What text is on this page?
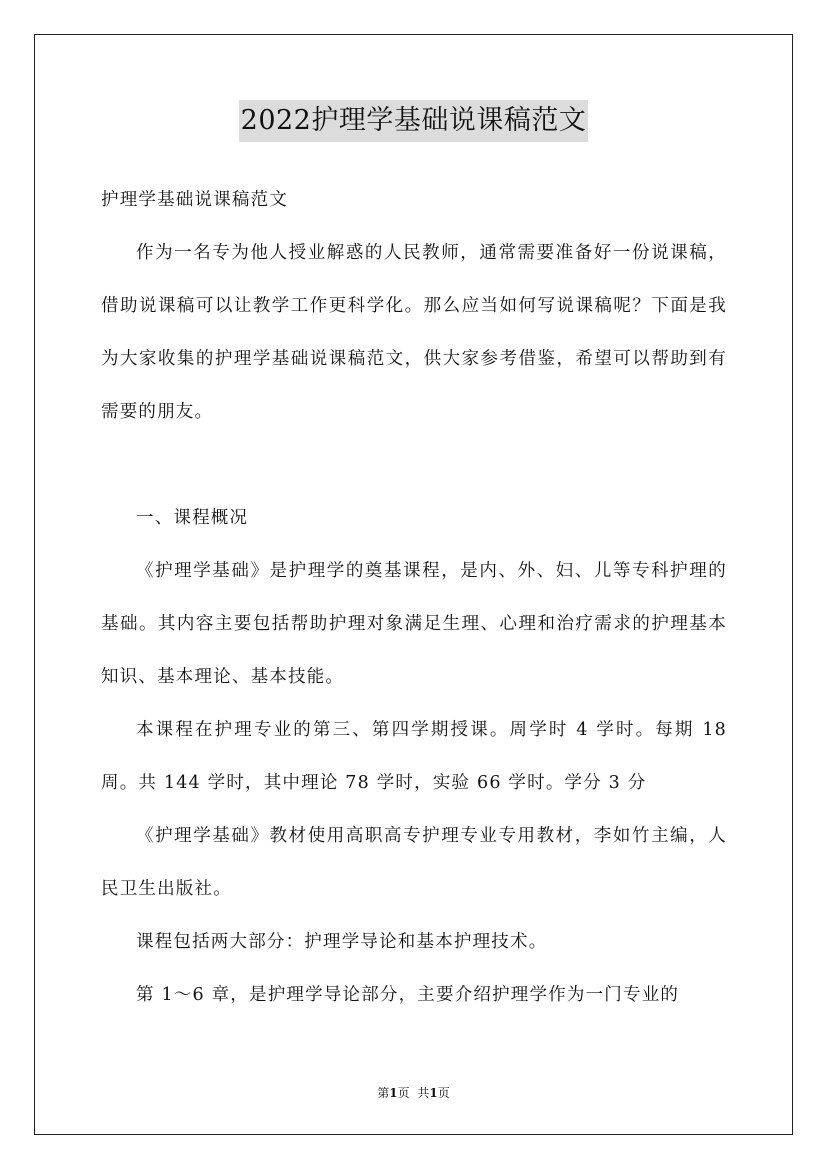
2022护理学基础说课稿范文

护理学基础说课稿范文

作为一名专为他人授业解惑的人民教师，通常需要准备好一份说课稿，借助说课稿可以让教学工作更科学化。那么应当如何写说课稿呢？下面是我为大家收集的护理学基础说课稿范文，供大家参考借鉴，希望可以帮助到有需要的朋友。

一、课程概况

《护理学基础》是护理学的奠基课程，是内、外、妇、儿等专科护理的基础。其内容主要包括帮助护理对象满足生理、心理和治疗需求的护理基本知识、基本理论、基本技能。

本课程在护理专业的第三、第四学期授课。周学时 4 学时。每期 18 周。共 144 学时，其中理论 78 学时，实验 66 学时。学分 3 分

《护理学基础》教材使用高职高专护理专业专用教材，李如竹主编，人民卫生出版社。

课程包括两大部分：护理学导论和基本护理技术。

第 1～6 章，是护理学导论部分，主要介绍护理学作为一门专业的

第1页 共1页
